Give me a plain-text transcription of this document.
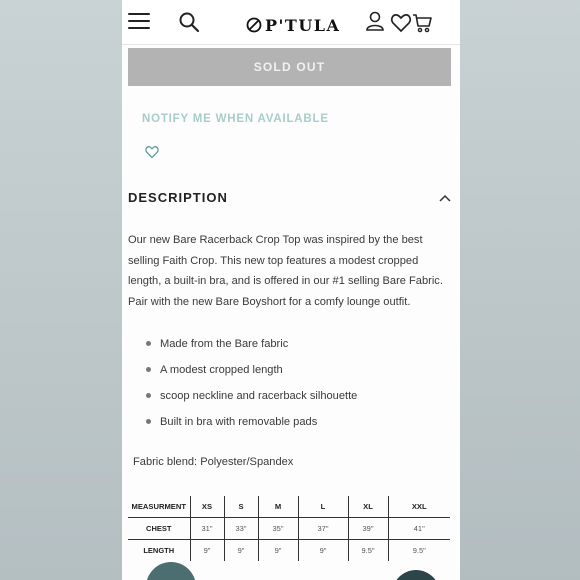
P'TULA
SOLD OUT
NOTIFY ME WHEN AVAILABLE
DESCRIPTION
Our new Bare Racerback Crop Top was inspired by the best selling Faith Crop. This new top features a modest cropped length, a built-in bra, and is offered in our #1 selling Bare Fabric. Pair with the new Bare Boyshort for a comfy lounge outfit.
Made from the Bare fabric
A modest cropped length
scoop neckline and racerback silhouette
Built in bra with removable pads
Fabric blend: Polyester/Spandex
MEASURMENT	XS	S	M	L	XL	XXL
CHEST	31"	33"	35"	37"	39"	41"
LENGTH	9"	9"	9"	9"	9.5"	9.5"
